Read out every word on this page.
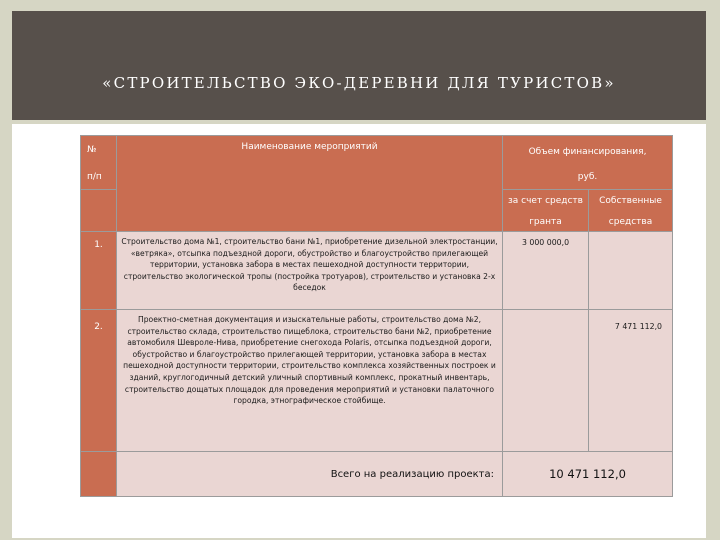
«СТРОИТЕЛЬСТВО ЭКО-ДЕРЕВНИ ДЛЯ ТУРИСТОВ»
№	Наименование мероприятий	Объем финансирования,	
п/п		руб.	
		за счет средств	Собственные
		гранта	средства
1.	Строительство дома №1, строительство бани №1, приобретение дизельной электростанции, «ветряка», отсыпка подъездной дороги, обустройство и благоустройство прилегающей территории, установка забора в местах пешеходной доступности территории, строительство экологической тропы (постройка тротуаров), строительство и установка 2-х беседок	3 000 000,0	
2.	Проектно-сметная документация и изыскательные работы, строительство дома №2, строительство склада, строительство пищеблока, строительство бани №2, приобретение автомобиля Шевроле-Нива, приобретение снегохода Polaris, отсыпка подъездной дороги, обустройство и благоустройство прилегающей территории, установка забора в местах пешеходной доступности территории, строительство комплекса хозяйственных построек и зданий, круглогодичный детский уличный спортивный комплекс, прокатный инвентарь, строительство дощатых площадок для проведения мероприятий и установки палаточного городка, этнографическое стойбище.		7 471 112,0
	Всего на реализацию проекта:	10 471 112,0	
